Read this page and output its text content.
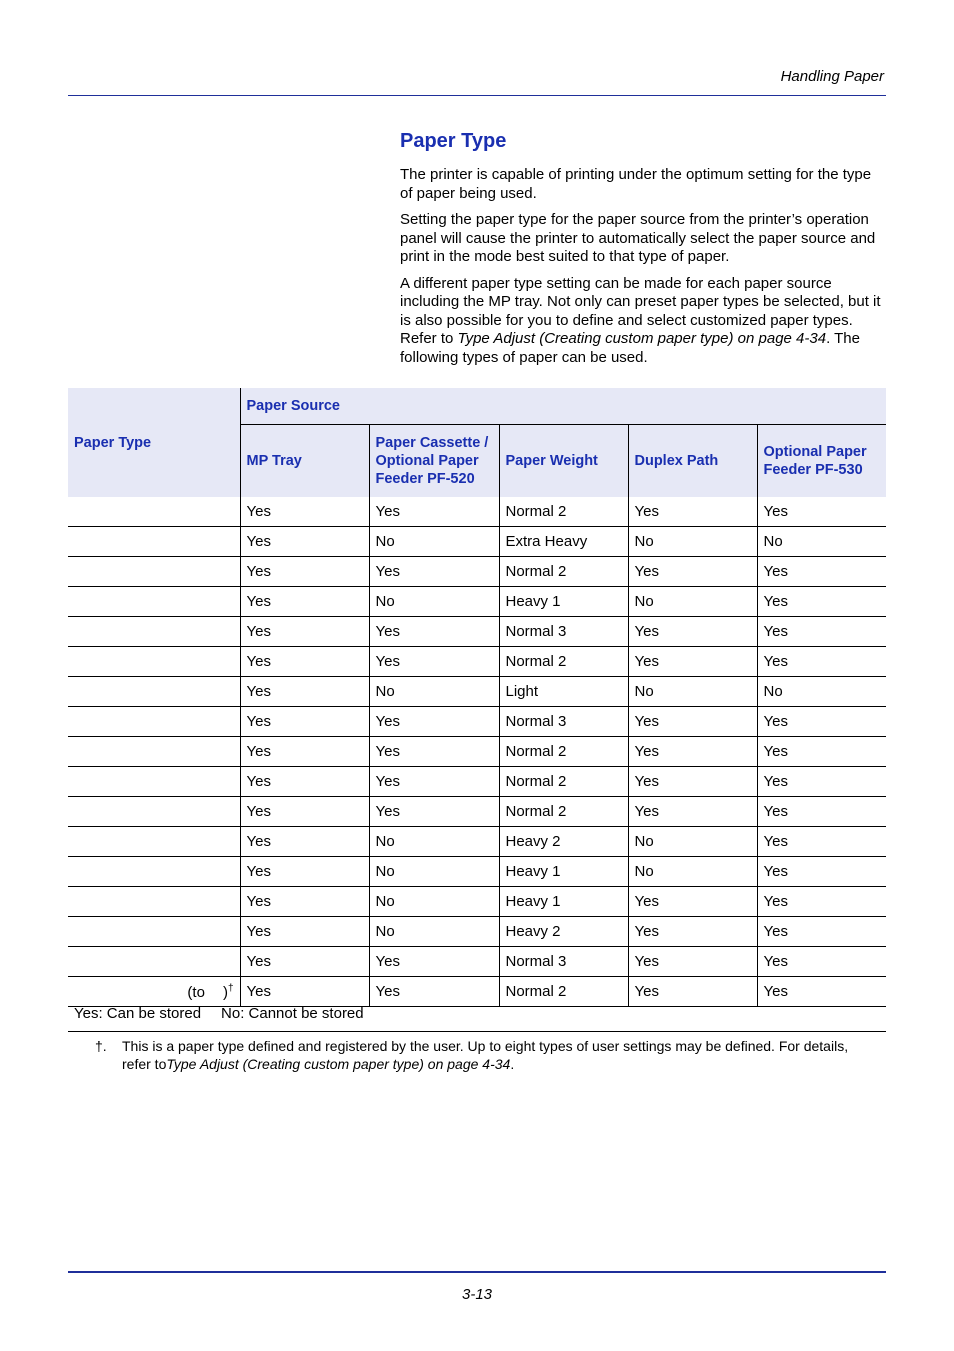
Handling Paper
Paper Type

The printer is capable of printing under the optimum setting for the type of paper being used.

Setting the paper type for the paper source from the printer’s operation panel will cause the printer to automatically select the paper source and print in the mode best suited to that type of paper.

A different paper type setting can be made for each paper source including the MP tray. Not only can preset paper types be selected, but it is also possible for you to define and select customized paper types. Refer to Type Adjust (Creating custom paper type) on page 4-34. The following types of paper can be used.

Paper Type	Paper Source				
	MP Tray	Paper Cassette / Optional Paper Feeder PF-520	Paper Weight	Duplex Path	Optional Paper Feeder PF-530
	Yes	Yes	Normal 2	Yes	Yes
	Yes	No	Extra Heavy	No	No
	Yes	Yes	Normal 2	Yes	Yes
	Yes	No	Heavy 1	No	Yes
	Yes	Yes	Normal 3	Yes	Yes
	Yes	Yes	Normal 2	Yes	Yes
	Yes	No	Light	No	No
	Yes	Yes	Normal 3	Yes	Yes
	Yes	Yes	Normal 2	Yes	Yes
	Yes	Yes	Normal 2	Yes	Yes
	Yes	Yes	Normal 2	Yes	Yes
	Yes	No	Heavy 2	No	Yes
	Yes	No	Heavy 1	No	Yes
	Yes	No	Heavy 1	Yes	Yes
	Yes	No	Heavy 2	Yes	Yes
	Yes	Yes	Normal 3	Yes	Yes
(to )†	Yes	Yes	Normal 2	Yes	Yes
Yes: Can be stored No: Cannot be stored
†. This is a paper type defined and registered by the user. Up to eight types of user settings may be defined. For details, refer toType Adjust (Creating custom paper type) on page 4-34.
3-13
